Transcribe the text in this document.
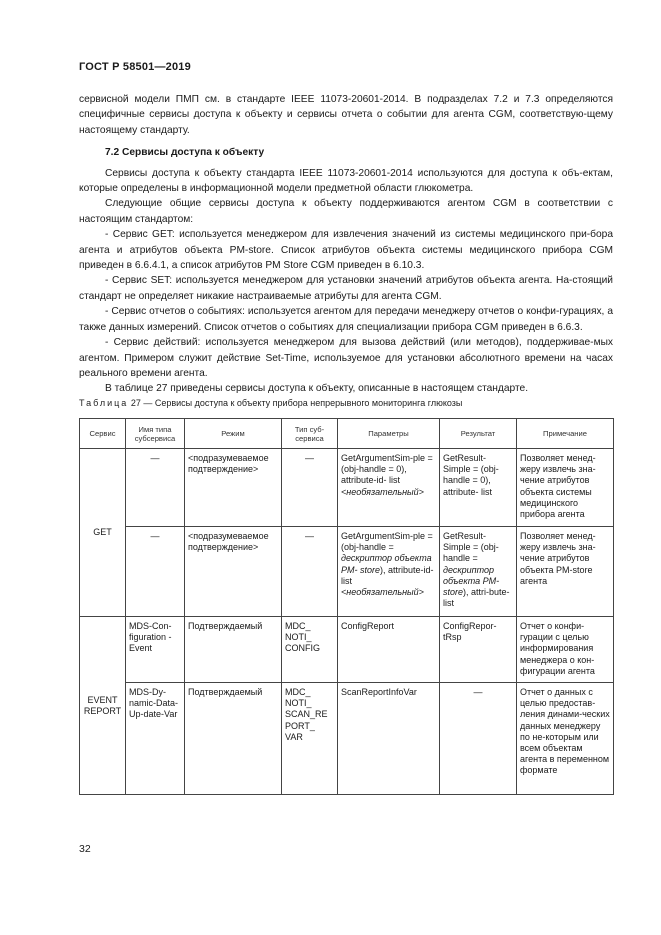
ГОСТ Р 58501—2019

сервисной модели ПМП см. в стандарте IEEE 11073-20601-2014. В подразделах 7.2 и 7.3 определяются специфичные сервисы доступа к объекту и сервисы отчета о событии для агента CGM, соответствую-щему настоящему стандарту.

7.2 Сервисы доступа к объекту

Сервисы доступа к объекту стандарта IEEE 11073-20601-2014 используются для доступа к объ-ектам, которые определены в информационной модели предметной области глюкометра.

Следующие общие сервисы доступа к объекту поддерживаются агентом CGM в соответствии с настоящим стандартом:

- Сервис GET: используется менеджером для извлечения значений из системы медицинского при-бора агента и атрибутов объекта PM-store. Список атрибутов объекта системы медицинского прибора CGM приведен в 6.6.4.1, а список атрибутов PM Store CGM приведен в 6.10.3.

- Сервис SET: используется менеджером для установки значений атрибутов объекта агента. На-стоящий стандарт не определяет никакие настраиваемые атрибуты для агента CGM.

- Сервис отчетов о событиях: используется агентом для передачи менеджеру отчетов о конфи-гурациях, а также данных измерений. Список отчетов о событиях для специализации прибора CGM приведен в 6.6.3.

- Сервис действий: используется менеджером для вызова действий (или методов), поддерживае-мых агентом. Примером служит действие Set-Time, используемое для установки абсолютного времени на часах реального времени агента.

В таблице 27 приведены сервисы доступа к объекту, описанные в настоящем стандарте.

Таблица 27 — Сервисы доступа к объекту прибора непрерывного мониторинга глюкозы
Сервис	Имя типа субсервиса	Режим	Тип суб-сервиса	Параметры	Результат	Примечание
GET	—	<подразумеваемое подтверждение>	—	GetArgumentSim-ple = (obj-handle = 0), attribute-id- list <необязательный>	GetResult-Simple = (obj-handle = 0), attribute- list	Позволяет менед-жеру извлечь зна-чение атрибутов объекта системы медицинского прибора агента
	—	<подразумеваемое подтверждение>	—	GetArgumentSim-ple = (obj-handle = дескриптор объекта PM- store), attribute-id-list <необязательный>	GetResult-Simple = (obj-handle = дескриптор объекта PM-store), attri-bute-list	Позволяет менед-жеру извлечь зна-чение атрибутов объекта PM-store агента
EVENT REPORT	MDS-Con-figuration -Event	Подтверждаемый	MDC_ NOTI_ CONFIG	ConfigReport	ConfigRepor-tRsp	Отчет о конфи-гурации с целью информирования менеджера о кон-фигурации агента
	MDS-Dy-namic-Data-Up-date-Var	Подтверждаемый	MDC_ NOTI_ SCAN_RE PORT_ VAR	ScanReportInfoVar	—	Отчет о данных с целью предостав-ления динами-ческих данных менеджеру по не-которым или всем объектам агента в переменном формате
32
